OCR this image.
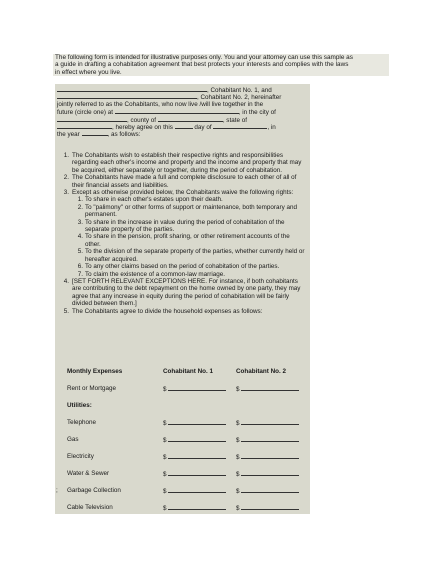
The following form is intended for illustrative purposes only. You and your attorney can use this sample as
a guide in drafting a cohabitation agreement that best protects your interests and complies with the laws
in effect where you live.
, Cohabitant No. 1, and
, Cohabitant No. 2, hereinafter
jointly referred to as the Cohabitants, who now live /will live together in the
future (circle one) at	, in the city of
, county of	, state of
, hereby agree on this	day of	, in
the year	, as follows:
1. The Cohabitants wish to establish their respective rights and responsibilities regarding each other's income and property and the income and property that may be acquired, either separately or together, during the period of cohabitation.
2. The Cohabitants have made a full and complete disclosure to each other of all of their financial assets and liabilities.
3. Except as otherwise provided below, the Cohabitants waive the following rights:
1. To share in each other's estates upon their death.
2. To "palimony" or other forms of support or maintenance, both temporary and permanent.
3. To share in the increase in value during the period of cohabitation of the separate property of the parties.
4. To share in the pension, profit sharing, or other retirement accounts of the other.
5. To the division of the separate property of the parties, whether currently held or hereafter acquired.
6. To any other claims based on the period of cohabitation of the parties.
7. To claim the existence of a common-law marriage.
4. [SET FORTH RELEVANT EXCEPTIONS HERE. For instance, if both cohabitants are contributing to the debt repayment on the home owned by one party, they may agree that any increase in equity during the period of cohabitation will be fairly divided between them.]
5. The Cohabitants agree to divide the household expenses as follows:
Monthly Expenses	Cohabitant No. 1	Cohabitant No. 2
Rent or Mortgage	$	$
Utilities:
Telephone	$	$
Gas	$	$
Electricity	$	$
Water & Sewer	$	$
; Garbage Collection	$	$
Cable Television	$	$
